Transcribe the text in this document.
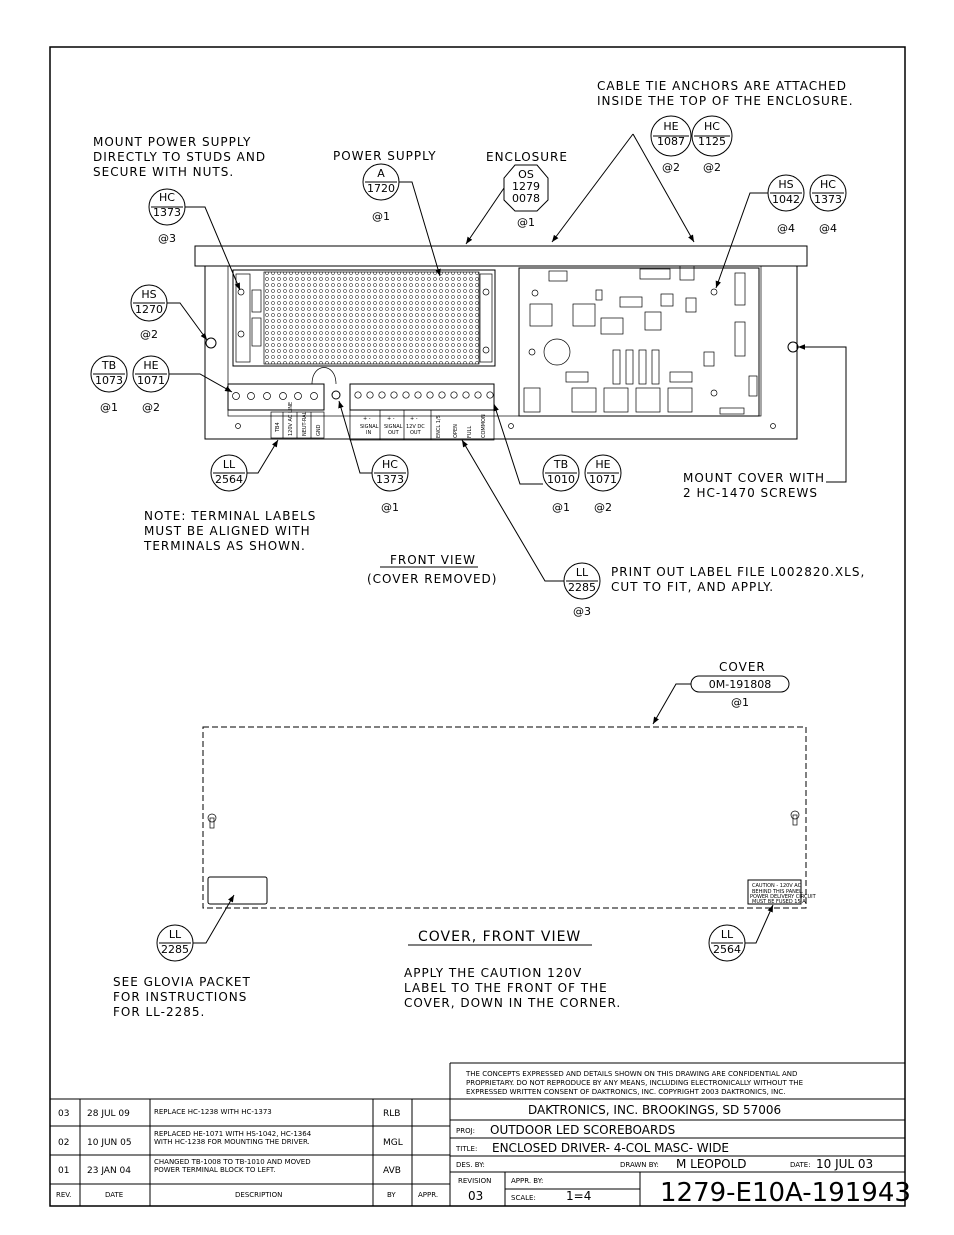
TB4 120V AC LINE NEUT-RAL GND
+ -	+ -	+ -
SIGNAL
IN
SIGNAL
OUT
12V DC
OUT	ENCL 1/S OPEN FULL COMMON
MOUNT POWER SUPPLY
DIRECTLY TO STUDS AND
SECURE WITH NUTS.
CABLE TIE ANCHORS ARE ATTACHED
INSIDE THE TOP OF THE ENCLOSURE.
POWER SUPPLY	ENCLOSURE
NOTE: TERMINAL LABELS
MUST BE ALIGNED WITH
TERMINALS AS SHOWN.
FRONT VIEW
(COVER REMOVED)	PRINT OUT LABEL FILE L002820.XLS,
CUT TO FIT, AND APPLY.
MOUNT COVER WITH
2 HC-1470 SCREWS
HC
1373
@3
A
1720
@1
OS
1279
0078
@1
HE
1087
@2
HC
1125
@2
HS
1042
@4
HC
1373
@4
HS
1270
@2
TB
1073
@1
HE
1071
@2
LL
2564
HC
1373
@1
TB
1010
@1
HE
1071
@2
LL
2285
@3
COVER
0M-191808
@1
CAUTION - 120V AC
BEHIND THIS PANEL.
POWER DELIVERY CIRCUIT
MUST BE FUSED 15 A.
COVER, FRONT VIEW
LL
2285
LL
2564
SEE GLOVIA PACKET
FOR INSTRUCTIONS
FOR LL-2285.
APPLY THE CAUTION 120V
LABEL TO THE FRONT OF THE
COVER, DOWN IN THE CORNER.
03 28 JUL 09	REPLACE HC-1238 WITH HC-1373	RLB
02 10 JUN 05
REPLACED HE-1071 WITH HS-1042, HC-1364
WITH HC-1238 FOR MOUNTING THE DRIVER.	MGL
01 23 JAN 04
CHANGED TB-1008 TO TB-1010 AND MOVED
POWER TERMINAL BLOCK TO LEFT.	AVB
REV.	DATE	DESCRIPTION	BY	APPR.
THE CONCEPTS EXPRESSED AND DETAILS SHOWN ON THIS DRAWING ARE CONFIDENTIAL AND
PROPRIETARY. DO NOT REPRODUCE BY ANY MEANS, INCLUDING ELECTRONICALLY WITHOUT THE
EXPRESSED WRITTEN CONSENT OF DAKTRONICS, INC. COPYRIGHT 2003 DAKTRONICS, INC.
DAKTRONICS, INC. BROOKINGS, SD 57006
PROJ: OUTDOOR LED SCOREBOARDS
TITLE: ENCLOSED DRIVER- 4-COL MASC- WIDE
DES. BY:	DRAWN BY: M LEOPOLD	DATE: 10 JUL 03
REVISION
03
APPR. BY:
SCALE:	1=4	1279-E10A-191943
